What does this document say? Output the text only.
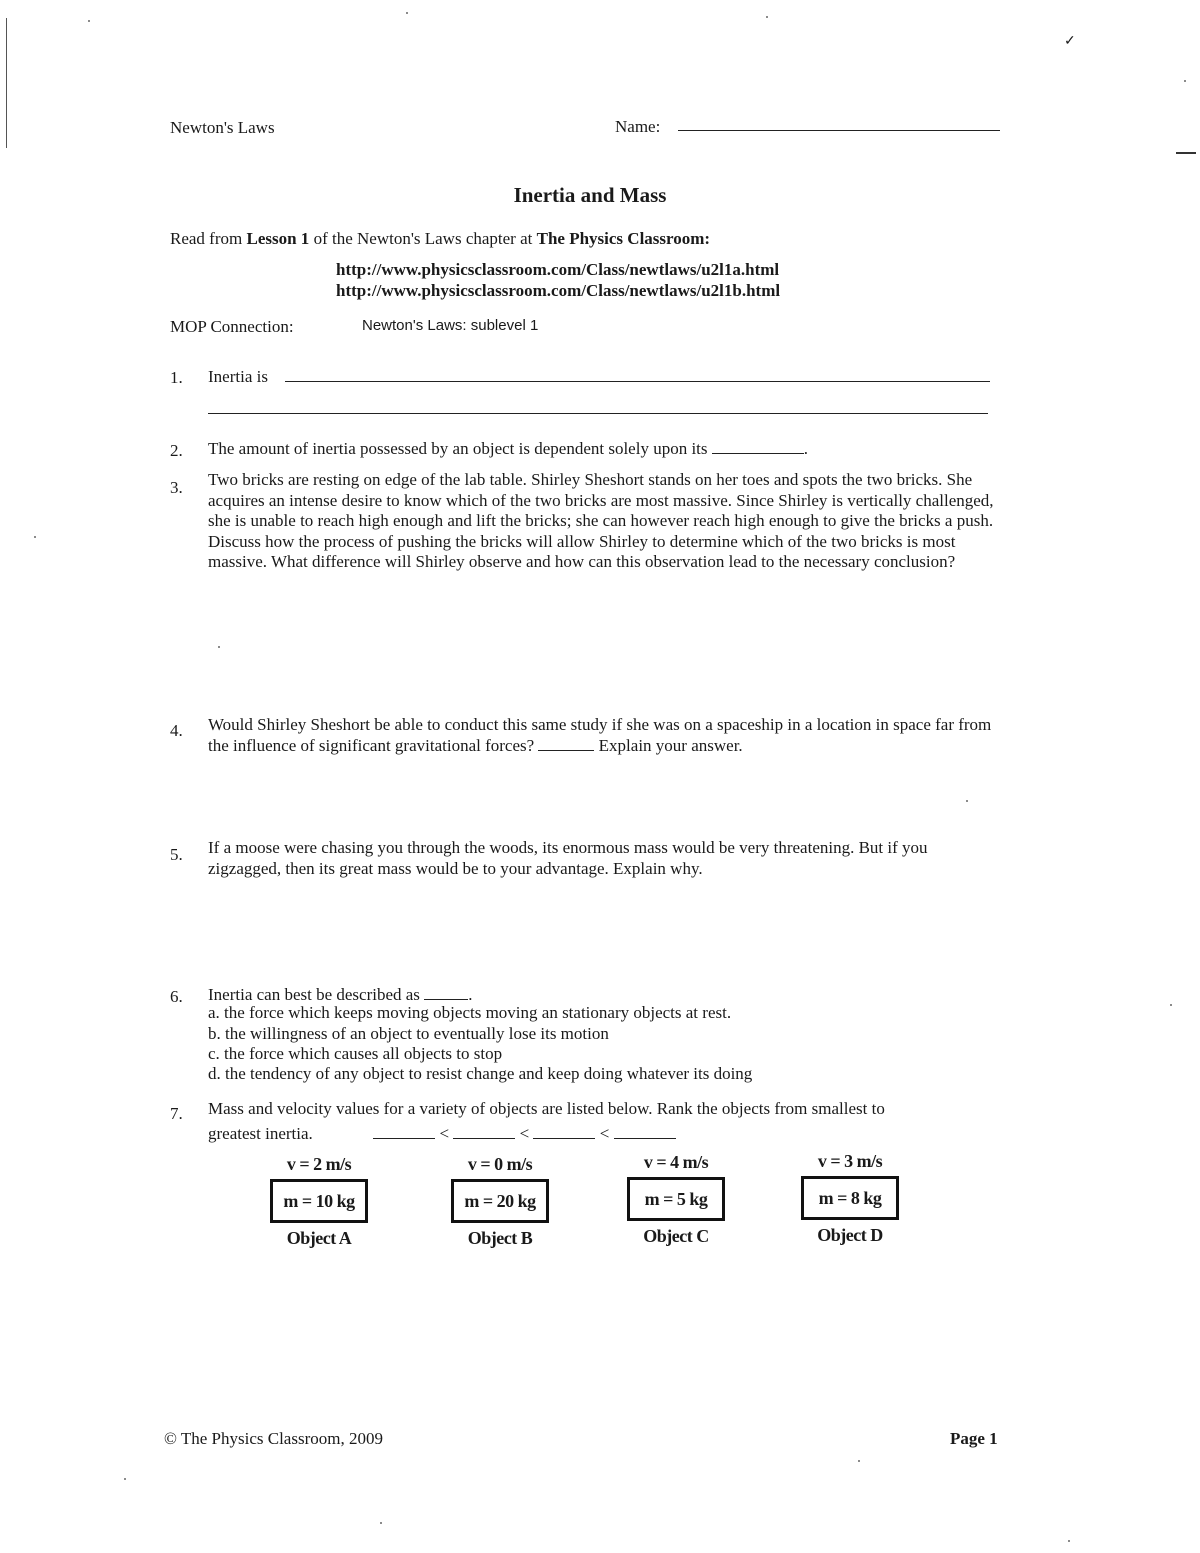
✓
Newton's Laws	Name:
Inertia and Mass
Read from Lesson 1 of the Newton's Laws chapter at The Physics Classroom:
http://www.physicsclassroom.com/Class/newtlaws/u2l1a.html
http://www.physicsclassroom.com/Class/newtlaws/u2l1b.html
MOP Connection:	Newton's Laws: sublevel 1
1. Inertia is
2. The amount of inertia possessed by an object is dependent solely upon its	.
3. Two bricks are resting on edge of the lab table. Shirley Sheshort stands on her toes and spots the two bricks. She acquires an intense desire to know which of the two bricks are most massive. Since Shirley is vertically challenged, she is unable to reach high enough and lift the bricks; she can however reach high enough to give the bricks a push. Discuss how the process of pushing the bricks will allow Shirley to determine which of the two bricks is most massive. What difference will Shirley observe and how can this observation lead to the necessary conclusion?
4. Would Shirley Sheshort be able to conduct this same study if she was on a spaceship in a location in space far from the influence of significant gravitational forces?	Explain your answer.
5. If a moose were chasing you through the woods, its enormous mass would be very threatening. But if you zigzagged, then its great mass would be to your advantage. Explain why.
6. Inertia can best be described as	.
a. the force which keeps moving objects moving an stationary objects at rest.
b. the willingness of an object to eventually lose its motion
c. the force which causes all objects to stop
d. the tendency of any object to resist change and keep doing whatever its doing
7. Mass and velocity values for a variety of objects are listed below. Rank the objects from smallest to
greatest inertia.	<	<	<
v = 2 m/s
m = 10 kg
Object A
v = 0 m/s
m = 20 kg
Object B
v = 4 m/s
m = 5 kg
Object C
v = 3 m/s
m = 8 kg
Object D
© The Physics Classroom, 2009	Page 1
